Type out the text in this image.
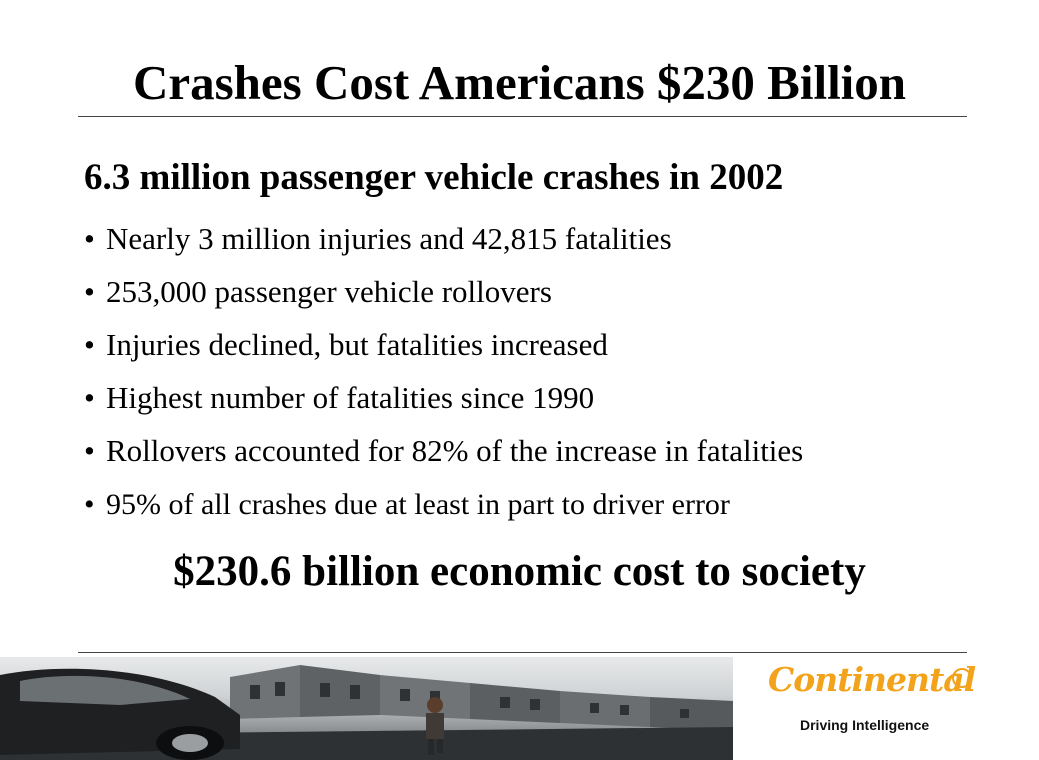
Crashes Cost Americans $230 Billion
6.3 million passenger vehicle crashes in 2002
• Nearly 3 million injuries and 42,815 fatalities
• 253,000 passenger vehicle rollovers
• Injuries declined, but fatalities increased
• Highest number of fatalities since 1990
• Rollovers accounted for 82% of the increase in fatalities
• 95% of all crashes due at least in part to driver error
$230.6 billion economic cost to society
Continental
Driving Intelligence
